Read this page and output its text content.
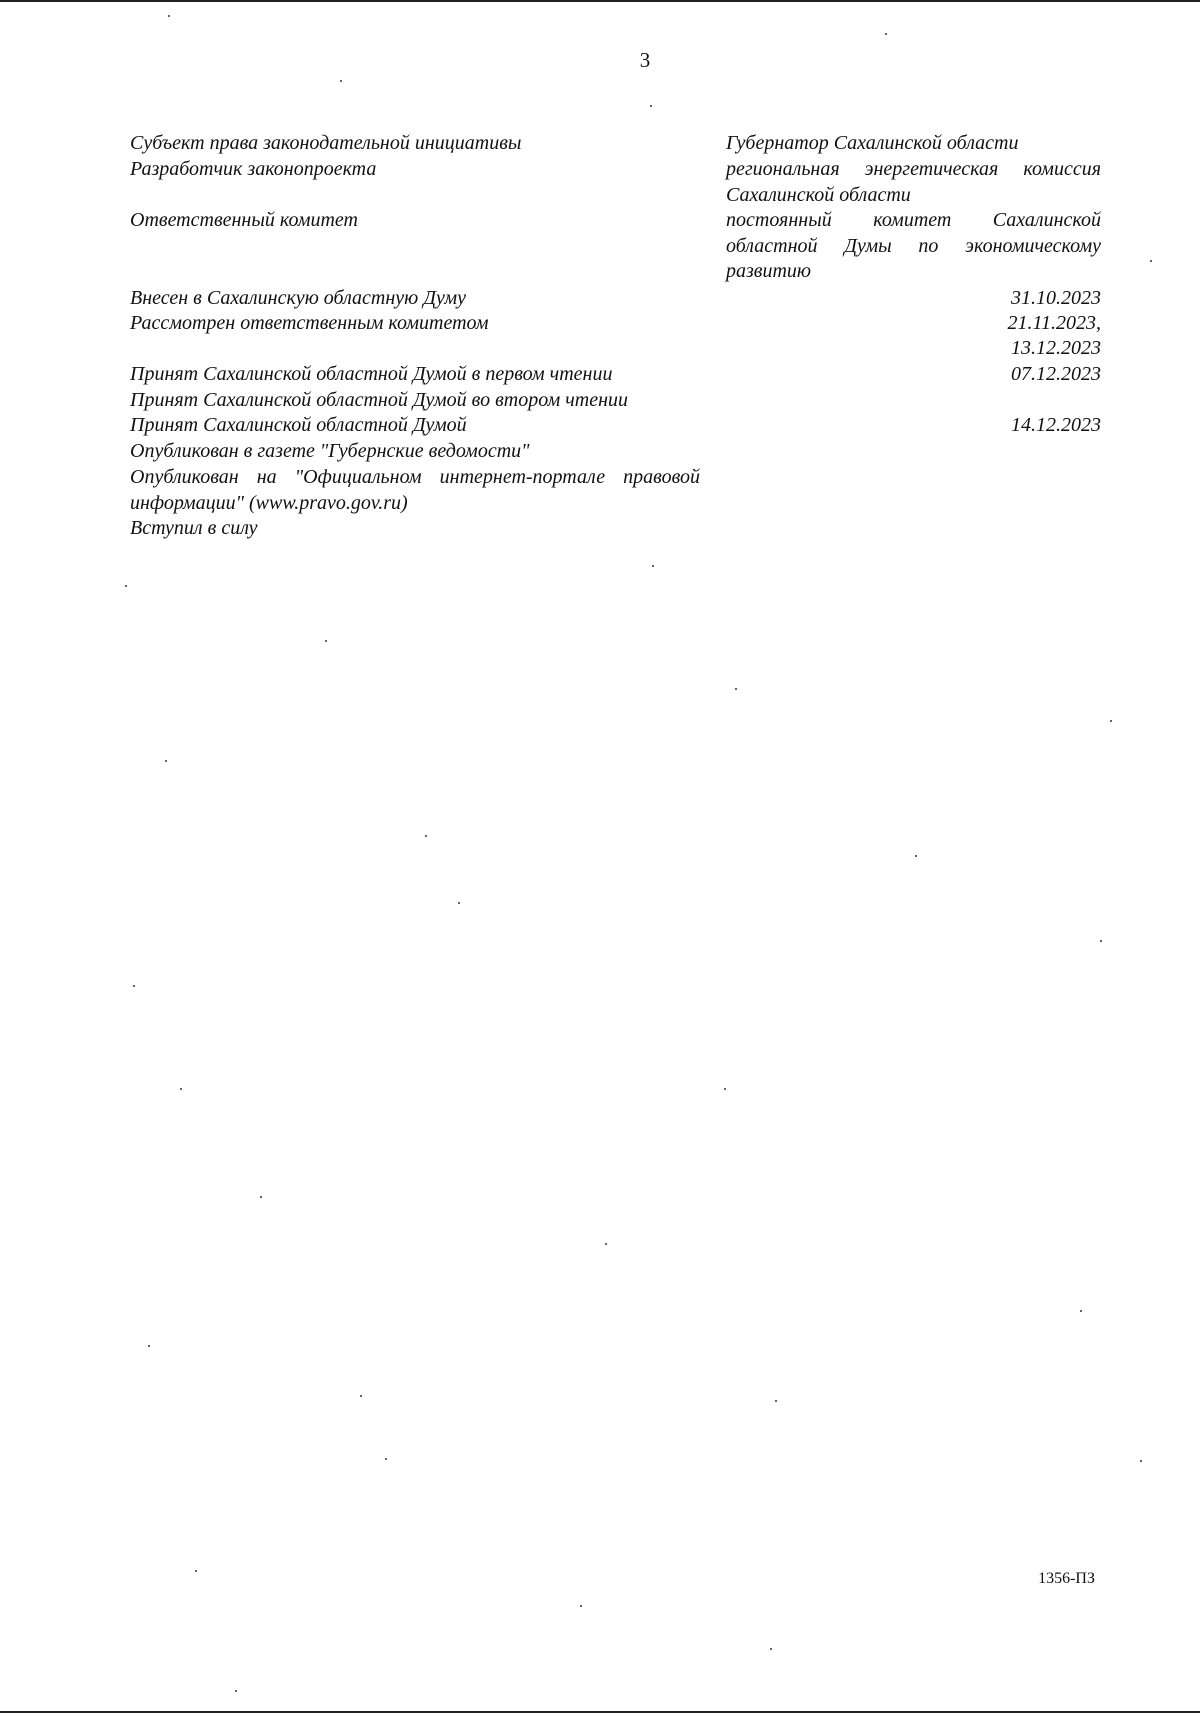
3
Субъект права законодательной инициативы
Разработчик законопроекта
Ответственный комитет
Внесен в Сахалинскую областную Думу
Рассмотрен ответственным комитетом
Принят Сахалинской областной Думой в первом чтении
Принят Сахалинской областной Думой во втором чтении
Принят Сахалинской областной Думой
Опубликован в газете "Губернские ведомости"
Опубликован на "Официальном интернет-портале правовой информации" (www.pravo.gov.ru)
Вступил в силу
Губернатор Сахалинской области
региональная энергетическая комиссия Сахалинской области
постоянный комитет Сахалинской областной Думы по экономическому развитию
31.10.2023
21.11.2023,
13.12.2023
07.12.2023
14.12.2023
1356-ПЗ
